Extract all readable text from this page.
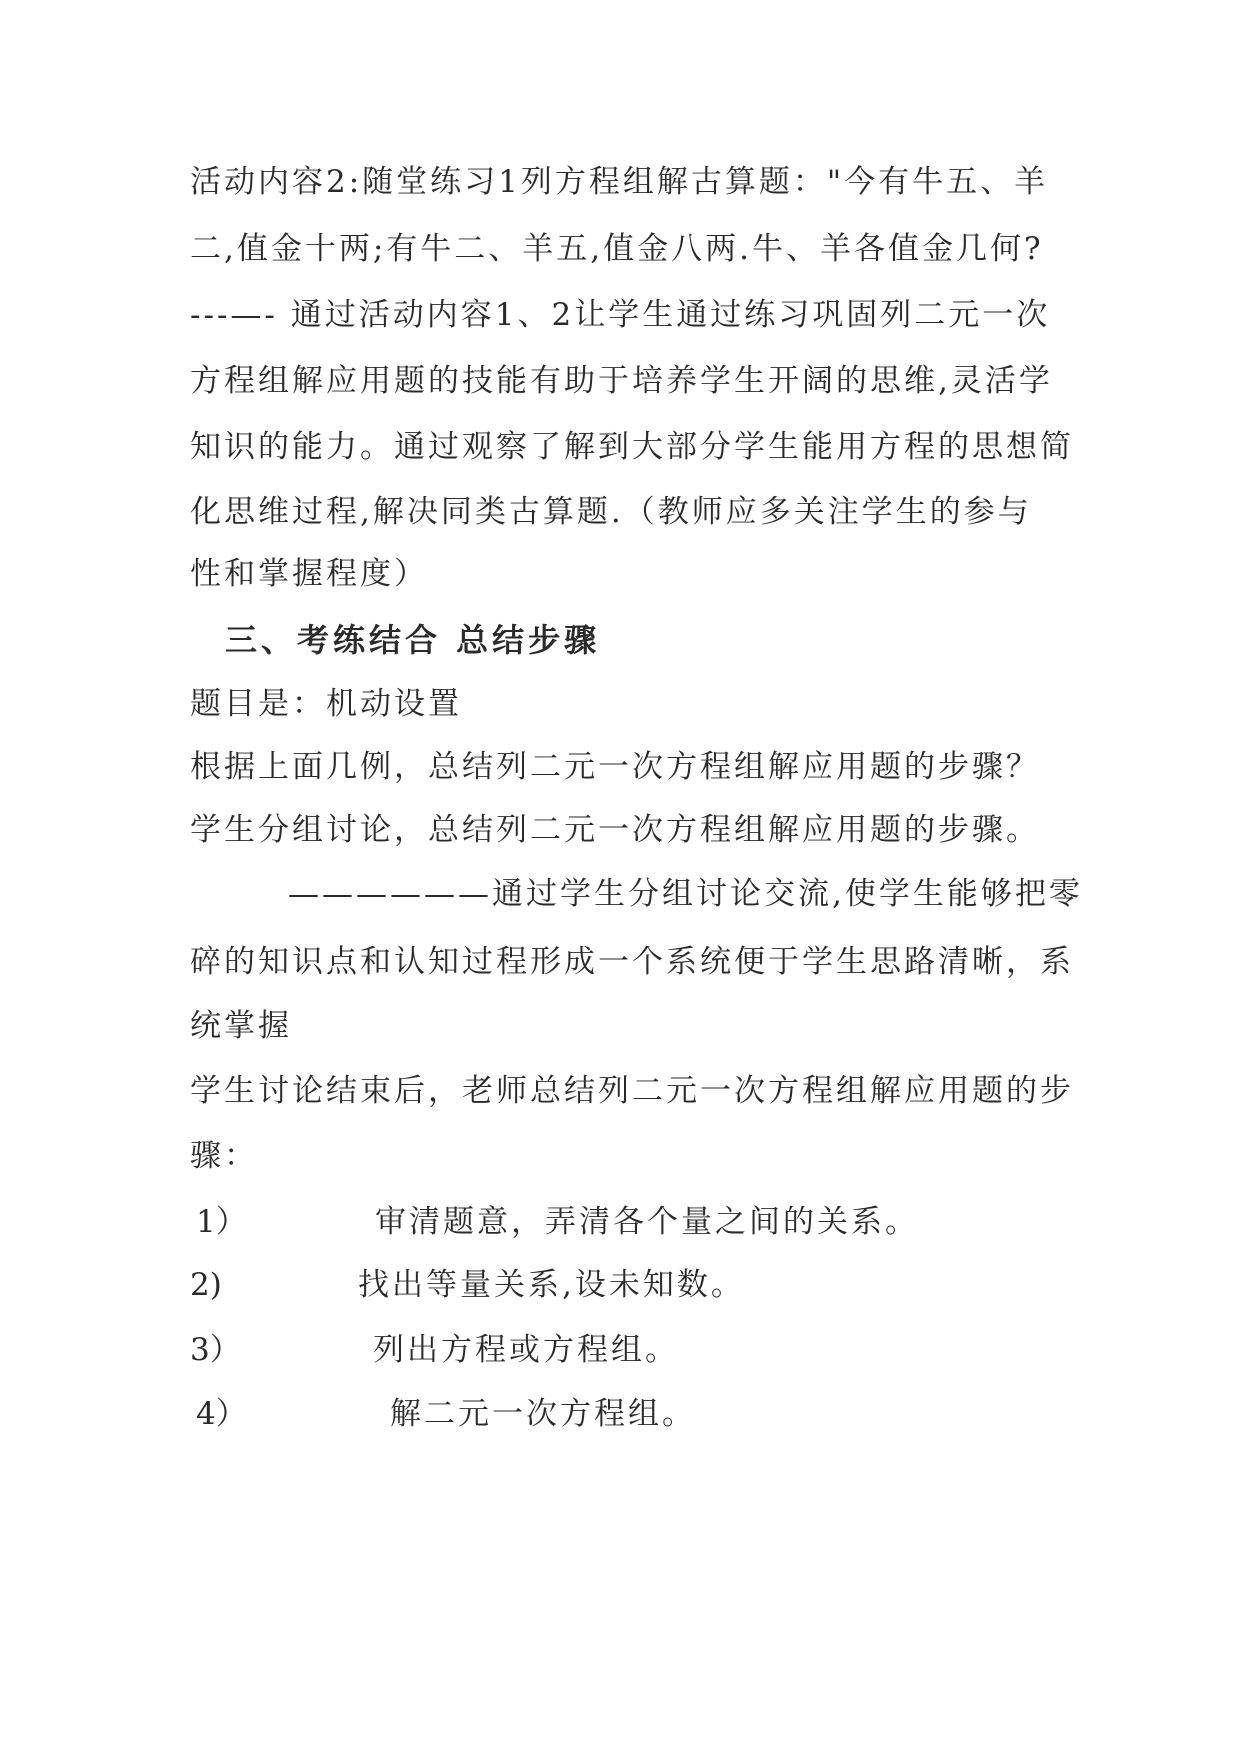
活动内容2:随堂练习1列方程组解古算题："今有牛五、羊
二,值金十两;有牛二、羊五,值金八两.牛、羊各值金几何?
---—- 通过活动内容1、2让学生通过练习巩固列二元一次
方程组解应用题的技能有助于培养学生开阔的思维,灵活学
知识的能力。通过观察了解到大部分学生能用方程的思想简
化思维过程,解决同类古算题.（教师应多关注学生的参与
性和掌握程度）
三、考练结合 总结步骤
题目是：机动设置
根据上面几例，总结列二元一次方程组解应用题的步骤？
学生分组讨论，总结列二元一次方程组解应用题的步骤。
——————通过学生分组讨论交流,使学生能够把零
碎的知识点和认知过程形成一个系统便于学生思路清晰，系
统掌握
学生讨论结束后，老师总结列二元一次方程组解应用题的步
骤：
1）	审清题意，弄清各个量之间的关系。
2)	找出等量关系,设未知数。
3）	列出方程或方程组。
4）	解二元一次方程组。
